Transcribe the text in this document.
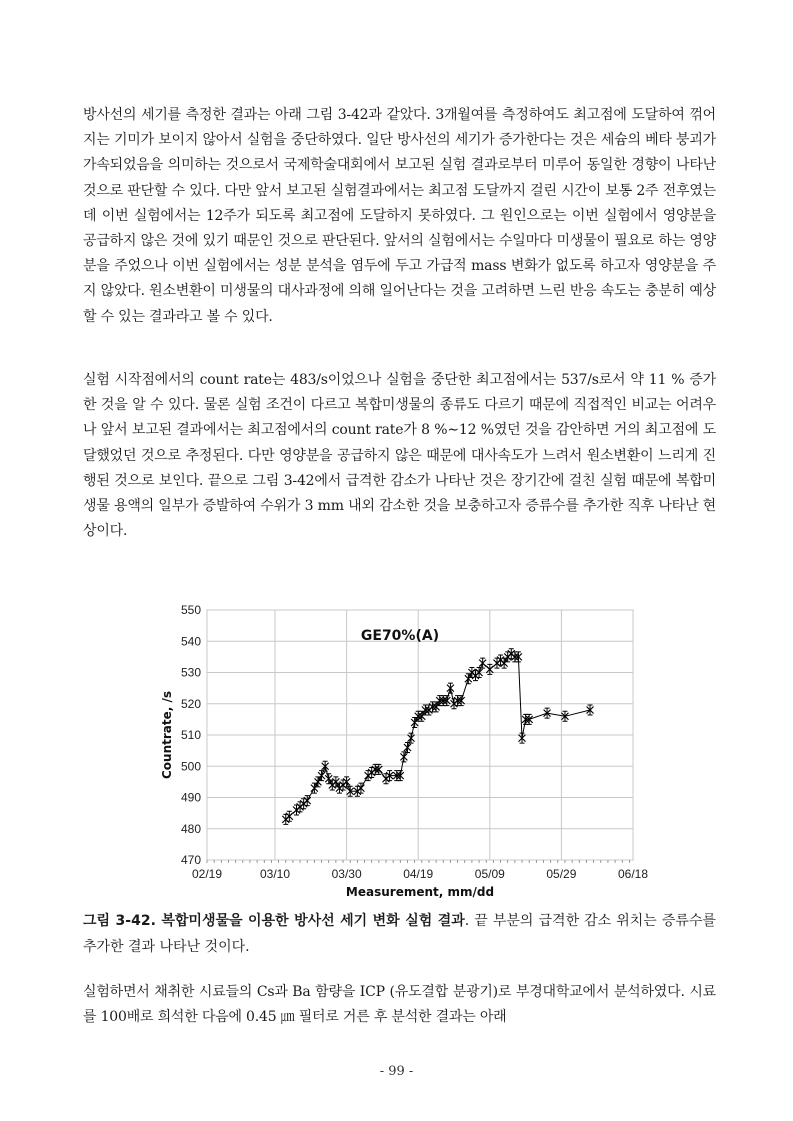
방사선의 세기를 측정한 결과는 아래 그림 3-42과 같았다. 3개월여를 측정하여도 최고점에 도달하여 꺾어지는 기미가 보이지 않아서 실험을 중단하였다. 일단 방사선의 세기가 증가한다는 것은 세슘의 베타 붕괴가 가속되었음을 의미하는 것으로서 국제학술대회에서 보고된 실험 결과로부터 미루어 동일한 경향이 나타난 것으로 판단할 수 있다. 다만 앞서 보고된 실험결과에서는 최고점 도달까지 걸린 시간이 보통 2주 전후였는데 이번 실험에서는 12주가 되도록 최고점에 도달하지 못하였다. 그 원인으로는 이번 실험에서 영양분을 공급하지 않은 것에 있기 때문인 것으로 판단된다. 앞서의 실험에서는 수일마다 미생물이 필요로 하는 영양분을 주었으나 이번 실험에서는 성분 분석을 염두에 두고 가급적 mass 변화가 없도록 하고자 영양분을 주지 않았다. 원소변환이 미생물의 대사과정에 의해 일어난다는 것을 고려하면 느린 반응 속도는 충분히 예상할 수 있는 결과라고 볼 수 있다.

실험 시작점에서의 count rate는 483/s이었으나 실험을 중단한 최고점에서는 537/s로서 약 11 % 증가한 것을 알 수 있다. 물론 실험 조건이 다르고 복합미생물의 종류도 다르기 때문에 직접적인 비교는 어려우나 앞서 보고된 결과에서는 최고점에서의 count rate가 8 %∼12 %였던 것을 감안하면 거의 최고점에 도달했었던 것으로 추정된다. 다만 영양분을 공급하지 않은 때문에 대사속도가 느려서 원소변환이 느리게 진행된 것으로 보인다. 끝으로 그림 3-42에서 급격한 감소가 나타난 것은 장기간에 걸친 실험 때문에 복합미생물 용액의 일부가 증발하여 수위가 3 mm 내외 감소한 것을 보충하고자 증류수를 추가한 직후 나타난 현상이다.

470
480
490
500
510
520
530
540
550
02/19	03/10	03/30	04/19	05/09	05/29	06/18
GE70%(A)
Measurement, mm/dd
Countrate, /s

그림 3-42. 복합미생물을 이용한 방사선 세기 변화 실험 결과. 끝 부분의 급격한 감소 위치는 증류수를 추가한 결과 나타난 것이다.

실험하면서 채취한 시료들의 Cs과 Ba 함량을 ICP (유도결합 분광기)로 부경대학교에서 분석하였다. 시료를 100배로 희석한 다음에 0.45 ㎛ 필터로 거른 후 분석한 결과는 아래

- 99 -
